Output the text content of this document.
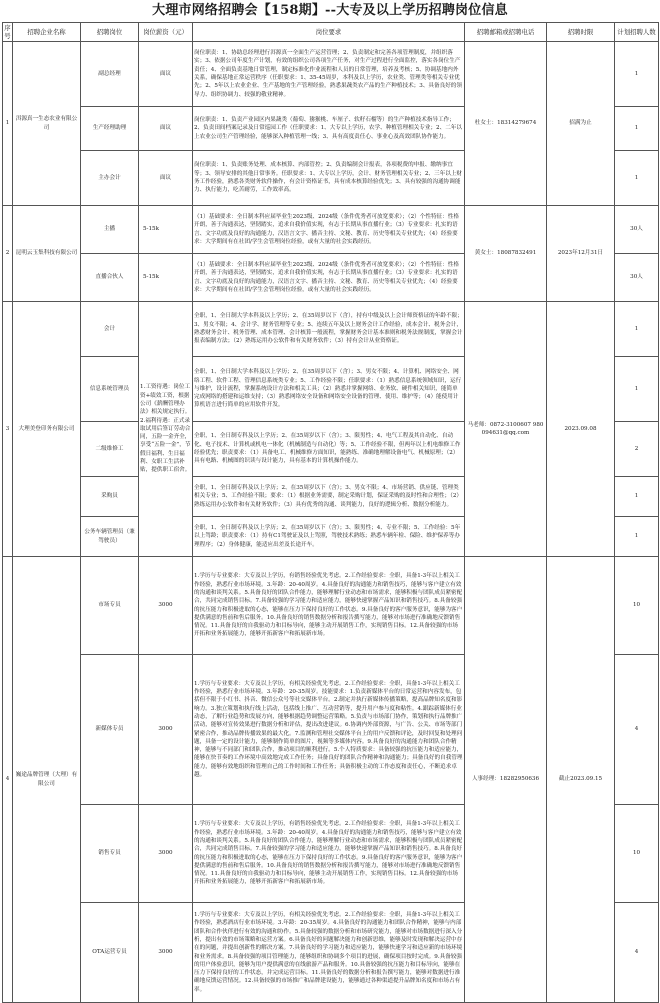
大理市网络招聘会【158期】--大专及以上学历招聘岗位信息
序号	招聘企业名称	招聘岗位	岗位薪资（元）	岗位要求	招聘邮箱或招聘电话	招聘时限	计划招聘人数
1	洱源真一生态农业有限公司	副总经理	面议	岗位职责：1、协助总经理进行洱源真一全面生产运营管理；2、负责制定和完善各项管理制度，并组织落实；3、依据公司年度生产计划，有效的组织公司各项生产任务，对生产过程进行全面监控，落实各岗位生产责任；4、全面负责基地日常管理，制定标准化作业流程和人员的日常管理，培养及考核；5、协调基地内外关系，确保基地正常运营秩序（任职要求：1、35-45周岁，本科及以上学历，农业类、管理类等相关专业优先；2、5年以上农业企业、生产基地的生产管理经验，熟悉果蔬类农产品的生产种植技术；3、具备良好的领导力、组织协调力、较强的敬业精神。	杜女士：18314279674	招满为止	1
		生产经理助理	面议	岗位职责：1、负责产业园区内果蔬类（葡萄、猕猴桃、车厘子、软籽石榴等）的生产种植技术指导工作；2、负责田间档案记录及日常巡园工作（任职要求：1、大专以上学历，农学、种植管理相关专业；2、二年以上农业公司生产管理经验，能够深入种植管理一线；3、具有高度责任心、事业心及高效团队协作能力。			1
		主办会计	面议	岗位职责：1、负责账务处理、成本核算、内部管控；2、负责编制会计报表，各项税费的申报、缴纳事宜等；3、领导安排的其他日常事务。任职要求：1、大专以上学历，会计、财务管理相关专业；2、三年以上财务工作经验，熟悉各类财务软件操作，有会计资格证书，具有成本核算经验优先；3、具有较强的沟通协调能力、执行能力，吃苦耐劳，工作效率高。			1
2	昆明云玉集科技有限公司	主播	5-15k	（1）基础要求：全日制本科应届毕业生2023级、2024级（条件优秀者可放宽要求）；（2）个性特征：性格开朗，善于沟通表达，坚韧踏实，追求自我价值实现，有志于长期从事直播行业；（3）专业要求：扎实的语言、文字功底及良好的沟通能力，汉语言文字、播音主持、文秘、教育、历史等相关专业优先；（4）经验要求：大学期间有在社团/学生会管理岗位经验，或有大量的社会实践经历。	黄女士：18087832491	2023年12月31日	30人
		直播合伙人	5-15k	（1）基础要求：全日制本科应届毕业生2023级、2024级（条件优秀者可放宽要求）；（2）个性特征：性格开朗，善于沟通表达，坚韧踏实，追求自我价值实现，有志于长期从事直播行业；（3）专业要求：扎实的语言、文字功底及良好的沟通能力，汉语言文字、播音主持、文秘、教育、历史等相关专业优先；（4）经验要求：大学期间有在社团/学生会管理岗位经验，或有大量的社会实践经历。			30人
3	大理美登印务有限公司	会计	1.工资待遇：岗位工资+绩效工资，根据公司《薪酬管理办法》相关规定执行。2.福利待遇：正式录取试用后签订劳动合同，五险一金齐全，享受“五险一金”，节假日福利、生日福利、女职工生活补贴，提供职工宿舍。	全职，1、全日制大学本科及以上学历；2、在35周岁以下（含），持有中级及以上会计师资格证的年龄不限；3、男女不限；4、会计学、财务管理等专业；5、连续五年及以上财务会计工作经验，成本会计、税务会计，熟悉财务会计、税务管理、成本管理、会计核算一般流程，掌握财务会计基本准则和税务法规制度，掌握会计报表编制方法；（2）熟练运用办公软件和有关财务软件；（3）持有会计从业资格证。	马老师：0872-3100607 980094631@qq.com	2023.09.08	1
		信息系统管理员		全职，1、全日制大学本科及以上学历；2、在35周岁以下（含）；3、男女不限；4、计算机、网络安全、网络工程、软件工程、管理信息系统类专业；5、工作经验不限；任职要求：（1）熟悉信息系统领域知识，运行与维护，设计流程，掌握系统设计方法和相关工具；（2）熟悉并掌握网络、业务软、硬件相关知识，能简单完成网络的搭建和运维支持；（3）熟悉网络安全设备和网络安全设备的管理、使用、维护等；（4）能使用计算机语言进行简单的应用软件开发。			1
		二级维修工		全职，1、全日制专科及以上学历；2、在35周岁以下（含）；3、限男性；4、电气工程及其自动化、自动化、电子技术、计算机或机电一体化（机械制造与自动化）等；5、工作经验不限，但两年以上机电维修工作经验优先；职责要求：（1）具备电工、机械维修方面知识，能熟练、准确地理解设备电气、机械原理；（2）具有电路、机械图的识读与设计能力，具有基本的计算机操作能力。			2
		采购员		全职，1、全日制专科及以上学历；2、在35周岁以下（含）；3、男女不限；4、市场营销、供应链、管理类相关专业；5、工作经验不限；要求：（1）根据业务需要，制定采购计划，保证采购的及时性和合理性；（2）熟练运用办公软件和有关财务软件；（3）具有优秀的沟通、谈判能力，良好的逻辑分析、数据分析能力。			1
		公务车辆管理员（兼驾驶员）		全职，1、全日制专科及以上学历；2、在35周岁以下（含）；3、限男性；4、专业不限；5、工作经验：5年以上驾龄；职责要求：（1）持有C1驾驶证及以上驾照，驾驶技术熟练；熟悉车辆年检、保险、维护保养等办理程序；（2）身体健康，能适应出差及长途开车。			1
4	巍途品牌管理（大理）有限公司	市场专员	3000	1.学历与专业要求：大专及以上学历，有销售经验优先考虑。2.工作经验要求：全职，具备1-3年以上相关工作经验，熟悉行业市场环境。3.年龄：20-40周岁。4.具备良好的沟通能力和销售技巧，能够与客户建立有效的沟通和谈判关系。5.具备良好的团队合作能力，能够理解行业动态和市场需求，能够积极与团队成员紧密配合，共同完成销售目标。7.具备较强的学习能力和适应能力，能够快速掌握产品知识和销售技巧。8.具备较强的抗压能力和积极进取的心态，能够在压力下保持良好的工作状态。9.具备良好的客户服务意识，能够为客户提供满意的售前和售后服务。10.具备良好的销售数据分析和报告撰写能力，能够对市场进行准确地反馈销售情况。11.具备良好的自我驱动力和目标导向，能够主动开展销售工作，实现销售目标。12.具备较强的市场开拓和业务拓展能力，能够开拓新客户和拓展新市场。	人事经理：18282950636	截止2023.09.15	10
		新媒体专员	3000	1.学历与专业要求：大专及以上学历，有相关经验优先考虑。2.工作经验要求：全职，具备1-3年以上相关工作经验，熟悉行业市场环境。3.年龄：20-35周岁。技能要求：1.负责新媒体平台的日常运营和内容发布，包括但不限于小红书、抖音、微信公众号等社交媒体平台。2.制定并执行新媒体传播策略，提高品牌知名度和影响力。3.独立策划和执行线上活动，包括线上推广、互动营销等，提升用户参与度和粘性。4.跟踪新媒体行业动态，了解行业趋势和发展方向，能够根据趋势调整运营策略。5.负责与市场部门协作，策划和执行品牌推广活动，能够对宣传效果进行数据分析和评估，提出改进建议。6.协调内外部资源，与广告、公关、市场等部门紧密合作，推动品牌传播效果的最大化。7.监测和管理社交媒体平台上的用户反馈和评论，及时回复和处理问题，具备一定的设计能力，能够制作简单的图片，视频等多媒体内容。9.具备良好的沟通能力和团队合作精神，能够与不同部门和团队合作，推动项目的顺利进行。5.个人特质要求：具备较强的抗压能力和适应能力，能够在快节奏的工作环境中高效地完成工作任务；具备良好的团队合作精神和沟通能力；具备良好的自我管理能力，能够有效地组织和管理自己的工作时间和工作任务；具备积极主动的工作态度和责任心，不断追求卓越。			4
		销售专员	3000	1.学历与专业要求：大专及以上学历，有销售经验优先考虑。2.工作经验要求：全职，具备1-3年以上相关工作经验，熟悉行业市场环境。3.年龄：20-40周岁。4.具备良好的沟通能力和销售技巧，能够与客户建立有效的沟通和谈判关系。5.具备良好的团队合作能力，能够理解行业动态和市场需求，能够积极与团队成员紧密配合，共同完成销售目标。7.具备较强的学习能力和适应能力，能够快速掌握产品知识和销售技巧。8.具备良好的抗压能力和积极进取的心态，能够在压力下保持良好的工作状态。9.具备良好的客户服务意识，能够为客户提供满意的售前和售后服务。10.具备良好的销售数据分析和报告撰写能力，能够对市场进行准确地反馈销售情况。11.具备良好的自我驱动力和目标导向，能够主动开展销售工作，实现销售目标。12.具备较强的市场开拓和业务拓展能力，能够开拓新客户和拓展新市场。			10
		OTA运营专员	3000	1.学历与专业要求：大专及以上学历，有相关经验优先考虑。2.工作经验要求：全职，具备1-3年以上相关工作经验，熟悉酒店行业市场环境。3.年龄：20-35周岁。4.具备良好的沟通能力和团队合作精神，能够与内部团队和合作伙伴进行有效的沟通和协作。5.具备较强的数据分析和市场研究能力，能够对市场数据进行深入分析，提出有效的市场策略和运营方案。6.具备良好的问题解决能力和创新思维，能够及时发现和解决运营中存在的问题，并提出创新性的解决方案。7.具备良好的学习能力和适应能力，能够快速学习和适应新的市场环境和业务需求。8.具备较强的项目管理能力，能够组织和协调多个项目的进展，确保项目按时完成。9.具备较强的用户体验意识，能够为用户提供满意的在线旅游产品和服务。10.具备较强的抗压能力和目标导向，能够在压力下保持良好的工作状态，并完成运营目标。11.具备良好的数据分析和报告撰写能力，能够对数据进行准确地反馈运营情况。12.具备较强的市场推广和品牌建设能力，能够通过各种渠道提升品牌知名度和市场占有率。			4
